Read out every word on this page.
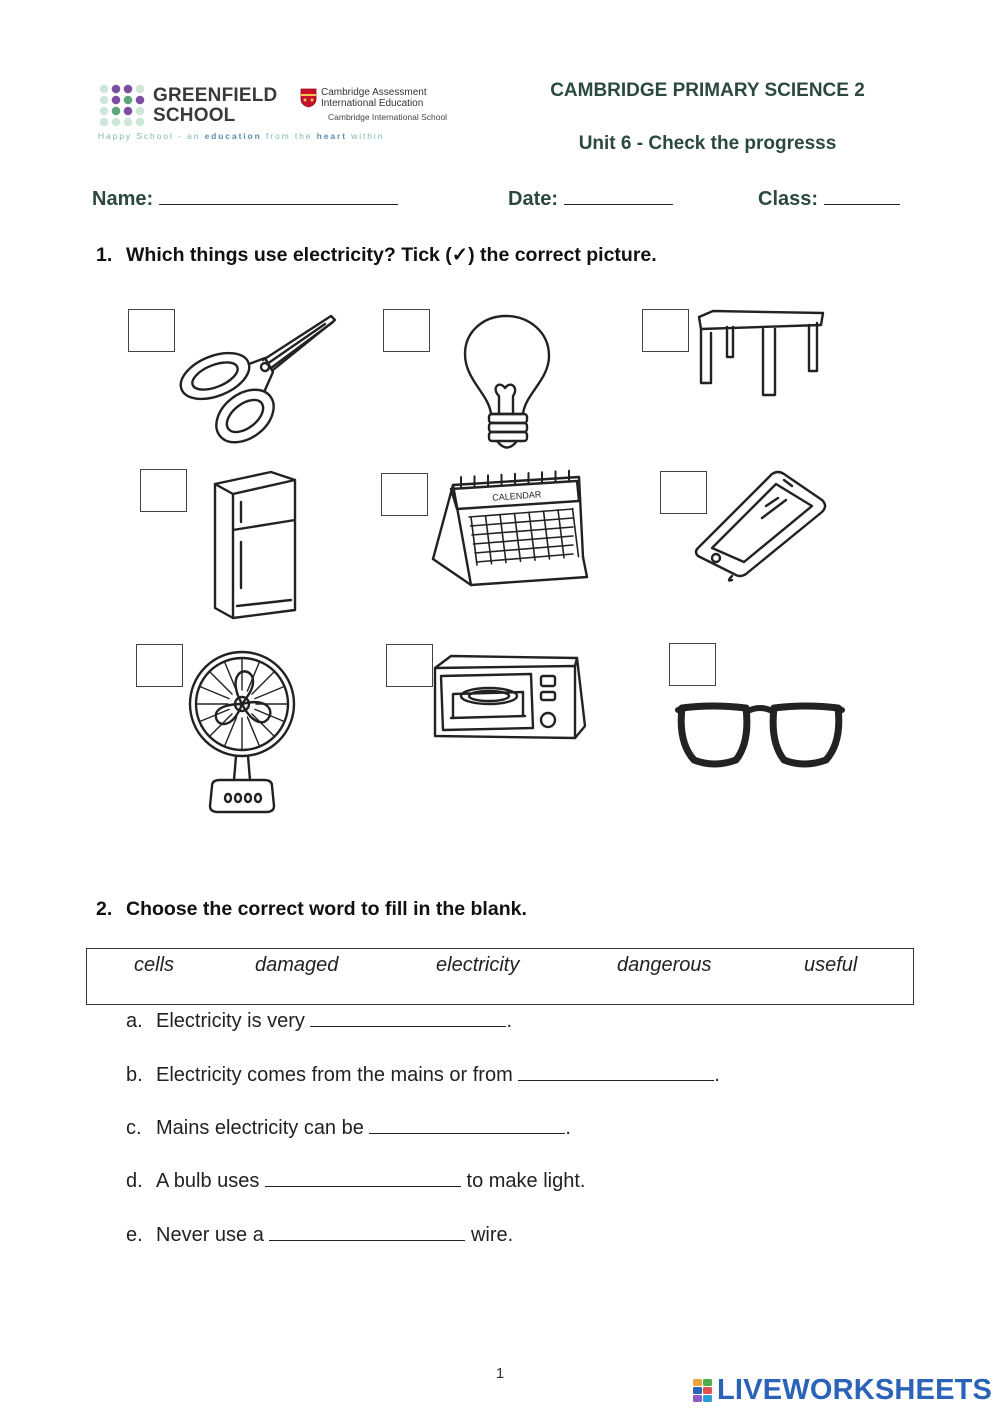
GREENFIELD
SCHOOL
Cambridge Assessment
International Education
Cambridge International School
Happy School - an education from the heart within
CAMBRIDGE PRIMARY SCIENCE 2
Unit 6 - Check the progresss
Name:	Date:	Class:
1. Which things use electricity? Tick (✓) the correct picture.
CALENDAR
2. Choose the correct word to fill in the blank.
cells	damaged	electricity	dangerous	useful
a. Electricity is very	.
b. Electricity comes from the mains or from	.
c. Mains electricity can be	.
d. A bulb uses	to make light.
e. Never use a	wire.
1
LIVEWORKSHEETS
